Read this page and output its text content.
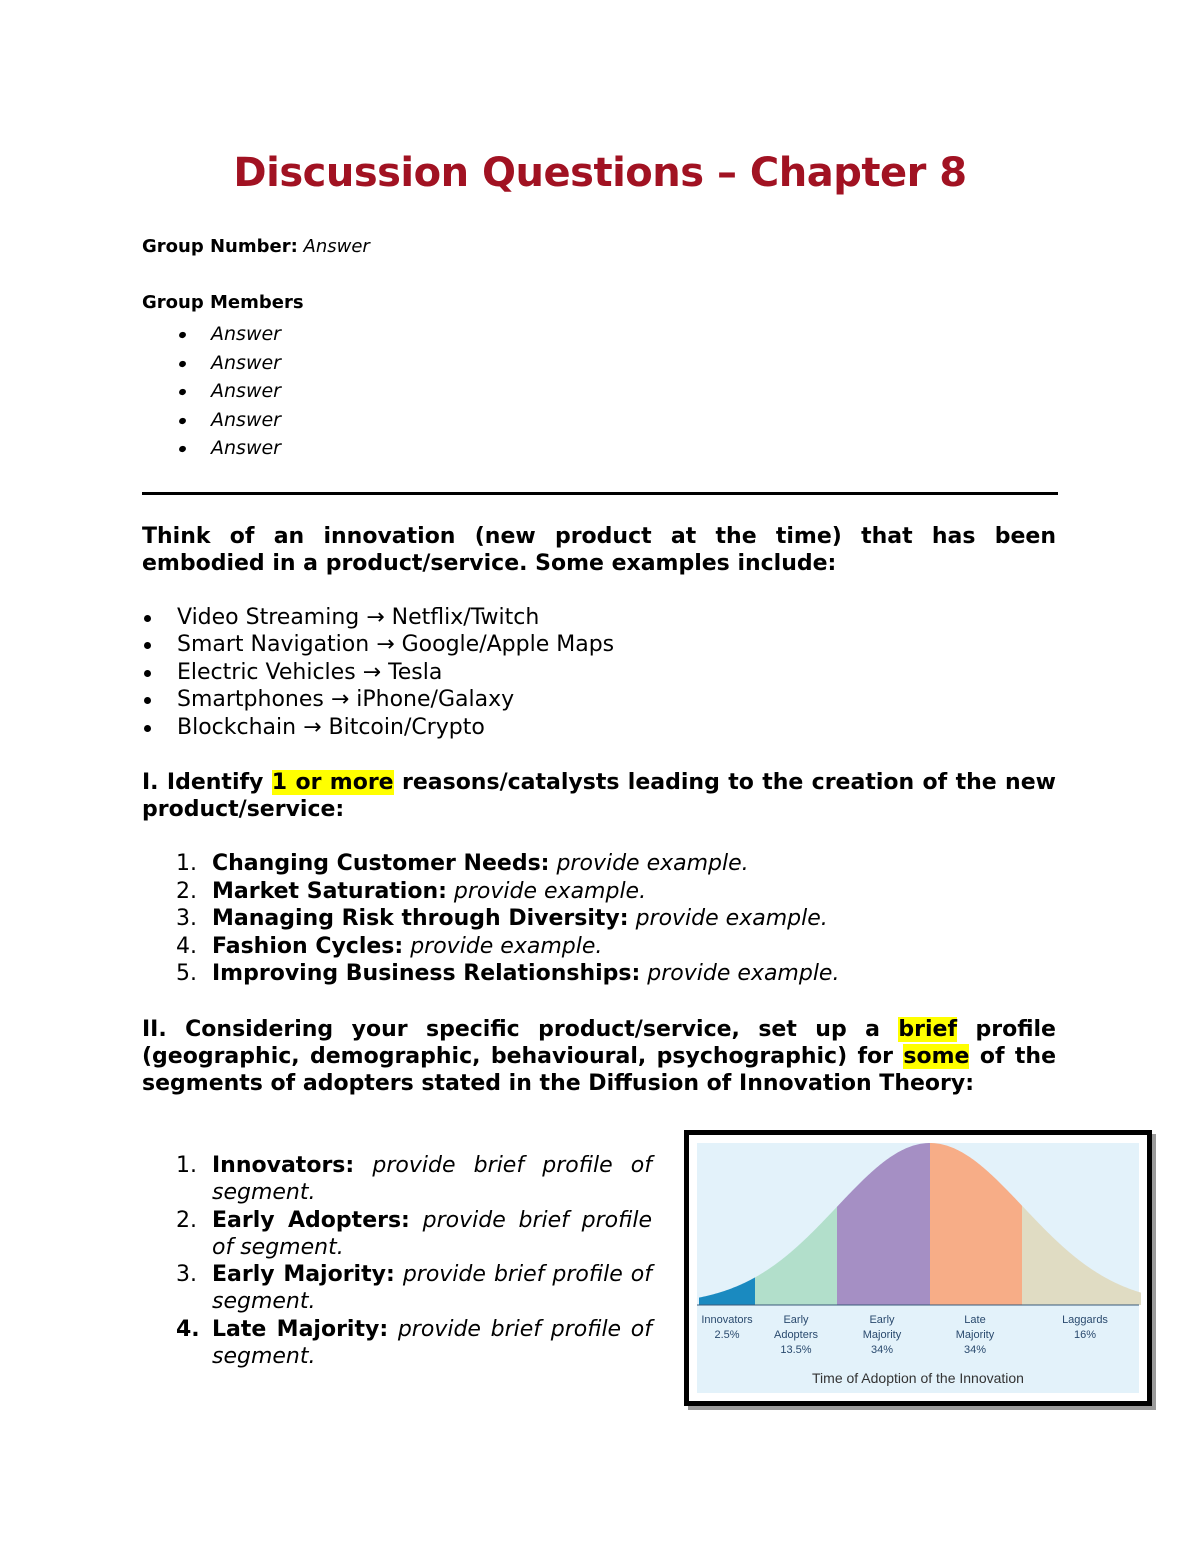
Discussion Questions – Chapter 8
Group Number: Answer
Group Members
Answer
Answer
Answer
Answer
Answer
Think of an innovation (new product at the time) that has been embodied in a product/service. Some examples include:
Video Streaming → Netflix/Twitch
Smart Navigation → Google/Apple Maps
Electric Vehicles → Tesla
Smartphones → iPhone/Galaxy
Blockchain → Bitcoin/Crypto
I. Identify 1 or more reasons/catalysts leading to the creation of the new product/service:
1. Changing Customer Needs: provide example.
2. Market Saturation: provide example.
3. Managing Risk through Diversity: provide example.
4. Fashion Cycles: provide example.
5. Improving Business Relationships: provide example.
II. Considering your specific product/service, set up a brief profile (geographic, demographic, behavioural, psychographic) for some of the segments of adopters stated in the Diffusion of Innovation Theory:
1. Innovators: provide brief profile of segment.
2. Early Adopters: provide brief profile of segment.
3. Early Majority: provide brief profile of segment.
4. Late Majority: provide brief profile of segment.
Innovators
2.5%
Early
Adopters
13.5%
Early
Majority
34%
Late
Majority
34%
Laggards
16%
Time of Adoption of the Innovation
